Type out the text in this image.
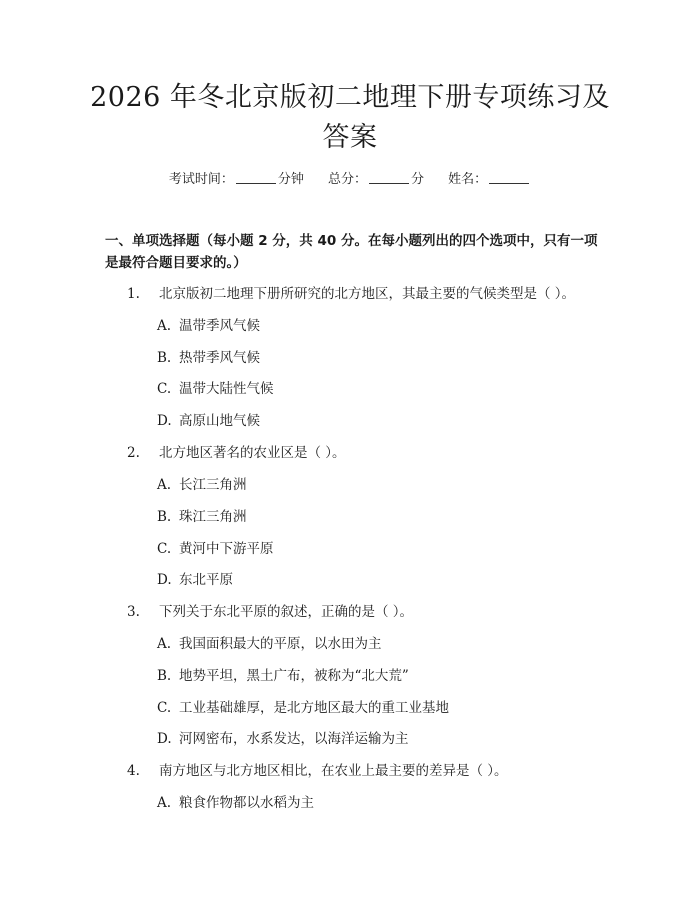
2026 年冬北京版初二地理下册专项练习及答案
考试时间：	分钟 总分：	分 姓名：
一、单项选择题（每小题 2 分，共 40 分。在每小题列出的四个选项中，只有一项是最符合题目要求的。）
1. 北京版初二地理下册所研究的北方地区，其最主要的气候类型是（ ）。
A. 温带季风气候
B. 热带季风气候
C. 温带大陆性气候
D. 高原山地气候
2. 北方地区著名的农业区是（ ）。
A. 长江三角洲
B. 珠江三角洲
C. 黄河中下游平原
D. 东北平原
3. 下列关于东北平原的叙述，正确的是（ ）。
A. 我国面积最大的平原，以水田为主
B. 地势平坦，黑土广布，被称为“北大荒”
C. 工业基础雄厚，是北方地区最大的重工业基地
D. 河网密布，水系发达，以海洋运输为主
4. 南方地区与北方地区相比，在农业上最主要的差异是（ ）。
A. 粮食作物都以水稻为主
